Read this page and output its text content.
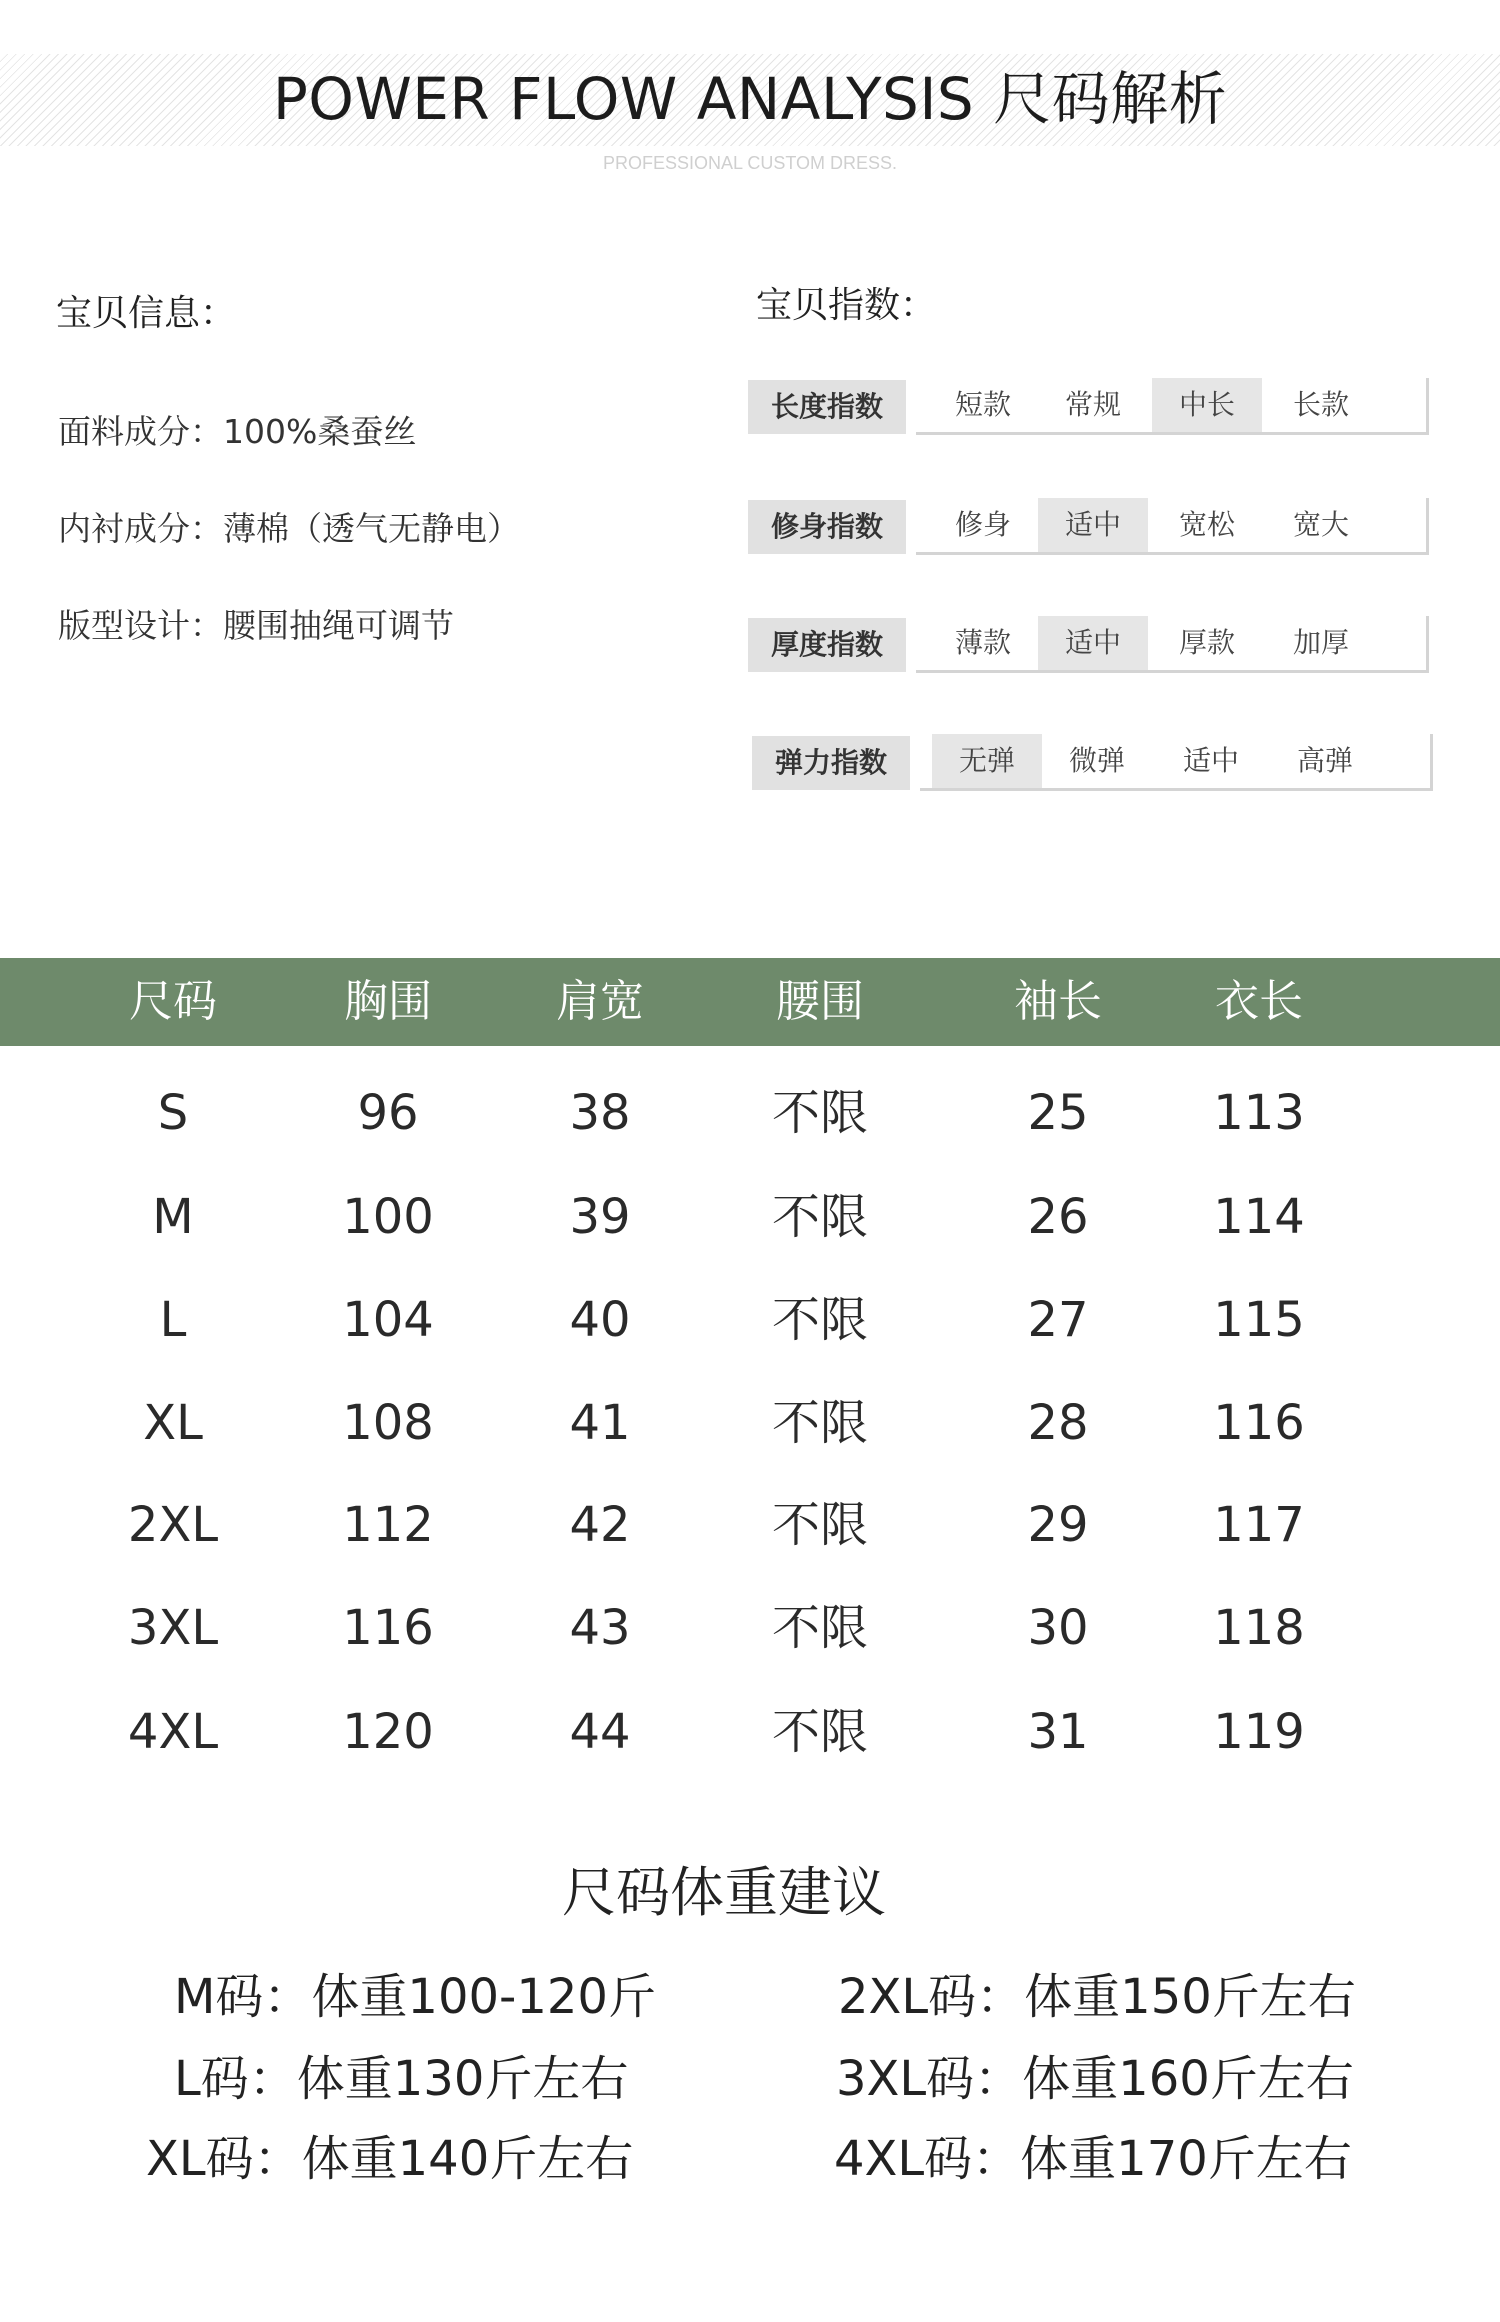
POWER FLOW ANALYSIS 尺码解析
PROFESSIONAL CUSTOM DRESS.
宝贝信息：
面料成分：100%桑蚕丝
内衬成分：薄棉（透气无静电）
版型设计：腰围抽绳可调节
宝贝指数：
长度指数	短款	常规	中长	长款
修身指数	修身	适中	宽松	宽大
厚度指数	薄款	适中	厚款	加厚
弹力指数	无弹	微弹	适中	高弹
尺码	胸围	肩宽	腰围	袖长	衣长
S	96	38	不限	25	113
M	100	39	不限	26	114
L	104	40	不限	27	115
XL	108	41	不限	28	116
2XL	112	42	不限	29	117
3XL	116	43	不限	30	118
4XL	120	44	不限	31	119
尺码体重建议
M码：体重100-120斤
L码：体重130斤左右
XL码：体重140斤左右
2XL码：体重150斤左右
3XL码：体重160斤左右
4XL码：体重170斤左右
